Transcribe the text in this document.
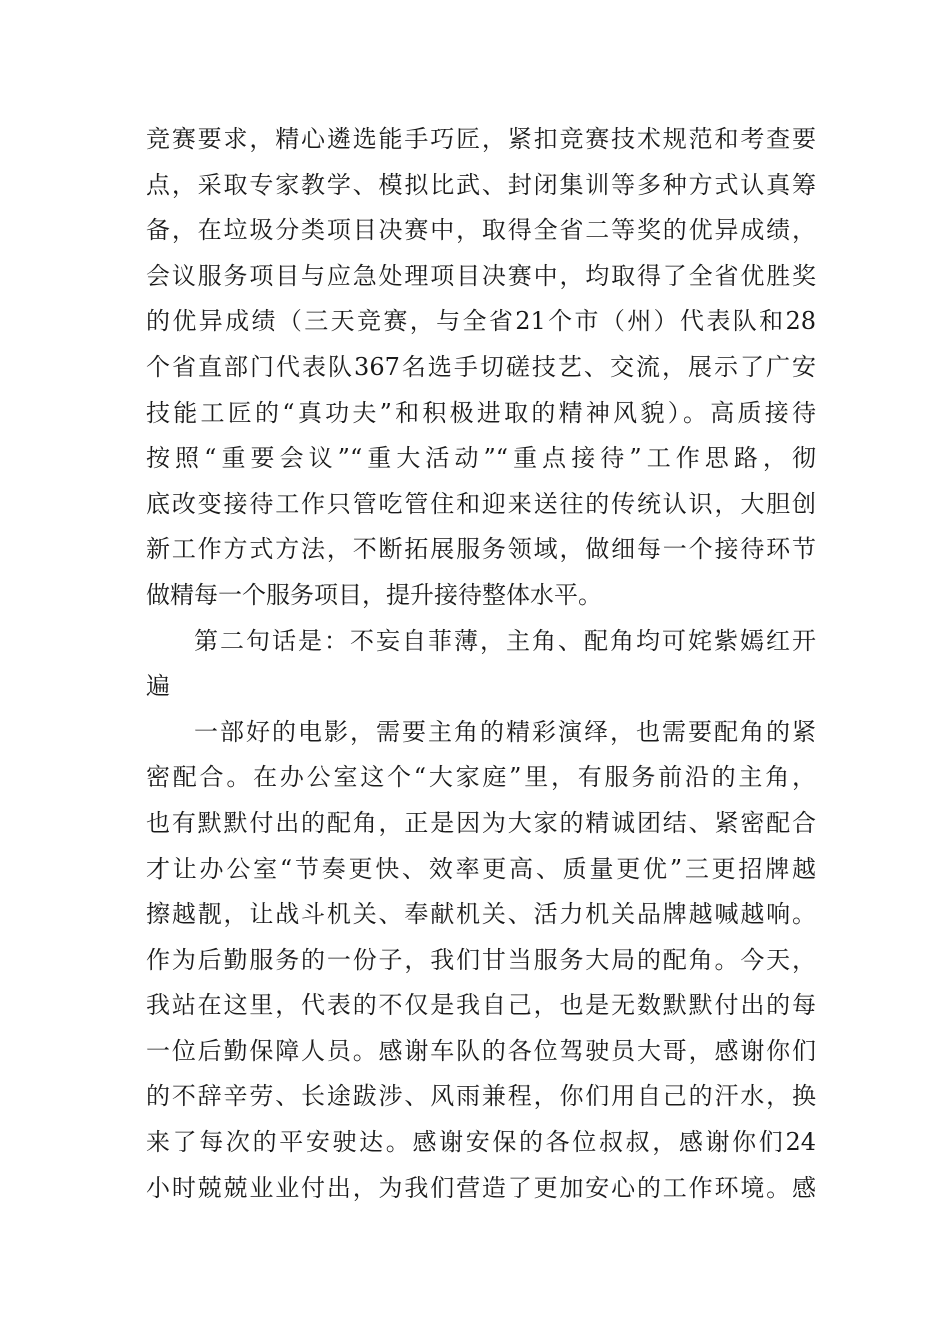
竞赛要求，精心遴选能手巧匠，紧扣竞赛技术规范和考查要
点，采取专家教学、模拟比武、封闭集训等多种方式认真筹
备，在垃圾分类项目决赛中，取得全省二等奖的优异成绩，
会议服务项目与应急处理项目决赛中，均取得了全省优胜奖
的优异成绩（三天竞赛，与全省21个市（州）代表队和28
个省直部门代表队367名选手切磋技艺、交流，展示了广安
技能工匠的“真功夫”和积极进取的精神风貌）。高质接待
按照“重要会议”“重大活动”“重点接待”工作思路，彻
底改变接待工作只管吃管住和迎来送往的传统认识，大胆创
新工作方式方法，不断拓展服务领域，做细每一个接待环节
做精每一个服务项目，提升接待整体水平。
第二句话是：不妄自菲薄，主角、配角均可姹紫嫣红开
遍
一部好的电影，需要主角的精彩演绎，也需要配角的紧
密配合。在办公室这个“大家庭”里，有服务前沿的主角，
也有默默付出的配角，正是因为大家的精诚团结、紧密配合
才让办公室“节奏更快、效率更高、质量更优”三更招牌越
擦越靓，让战斗机关、奉献机关、活力机关品牌越喊越响。
作为后勤服务的一份子，我们甘当服务大局的配角。今天，
我站在这里，代表的不仅是我自己，也是无数默默付出的每
一位后勤保障人员。感谢车队的各位驾驶员大哥，感谢你们
的不辞辛劳、长途跋涉、风雨兼程，你们用自己的汗水，换
来了每次的平安驶达。感谢安保的各位叔叔，感谢你们24
小时兢兢业业付出，为我们营造了更加安心的工作环境。感
